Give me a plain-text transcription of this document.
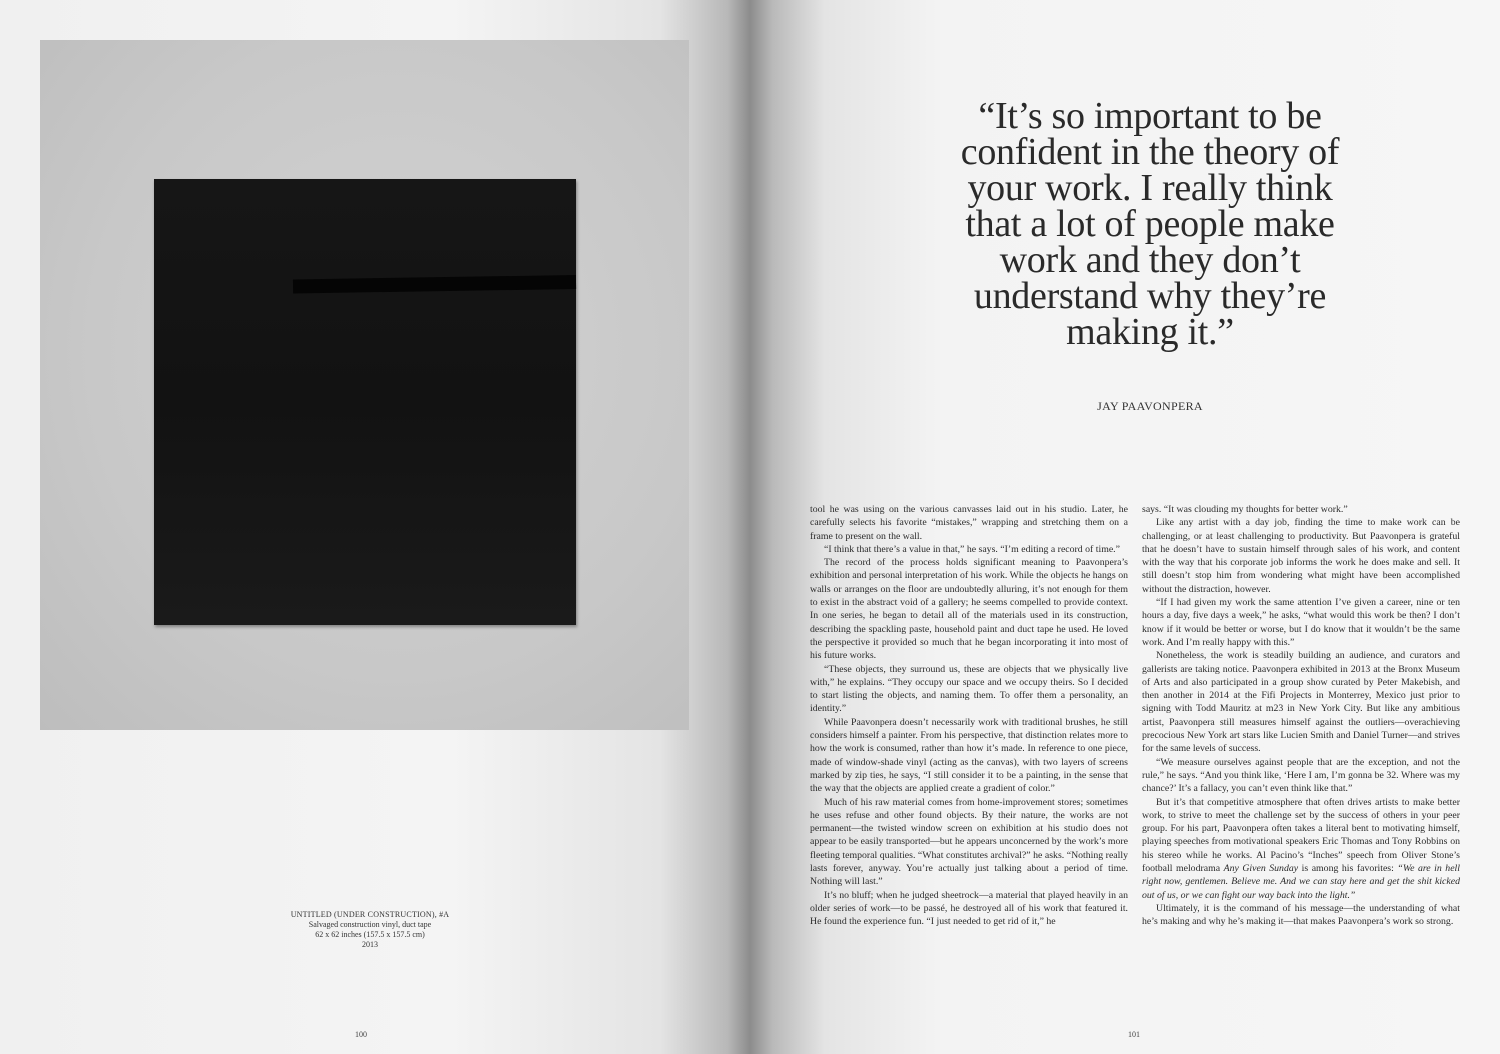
UNTITLED (UNDER CONSTRUCTION), #A
Salvaged construction vinyl, duct tape
62 x 62 inches (157.5 x 157.5 cm)
2013
100
“It’s so important to be confident in the theory of your work. I really think that a lot of people make work and they don’t understand why they’re making it.”
JAY PAAVONPERA

tool he was using on the various canvasses laid out in his studio. Later, he carefully selects his favorite “mistakes,” wrapping and stretching them on a frame to present on the wall.

“I think that there’s a value in that,” he says. “I’m editing a record of time.”

The record of the process holds significant meaning to Paavonpera’s exhibition and personal interpretation of his work. While the objects he hangs on walls or arranges on the floor are undoubtedly alluring, it’s not enough for them to exist in the abstract void of a gallery; he seems compelled to provide context. In one series, he began to detail all of the materials used in its construction, describing the spackling paste, household paint and duct tape he used. He loved the perspective it provided so much that he began incorporating it into most of his future works.

“These objects, they surround us, these are objects that we physically live with,” he explains. “They occupy our space and we occupy theirs. So I decided to start listing the objects, and naming them. To offer them a personality, an identity.”

While Paavonpera doesn’t necessarily work with traditional brushes, he still considers himself a painter. From his perspective, that distinction relates more to how the work is consumed, rather than how it’s made. In reference to one piece, made of window-shade vinyl (acting as the canvas), with two layers of screens marked by zip ties, he says, “I still consider it to be a painting, in the sense that the way that the objects are applied create a gradient of color.”

Much of his raw material comes from home-improvement stores; sometimes he uses refuse and other found objects. By their nature, the works are not permanent—the twisted window screen on exhibition at his studio does not appear to be easily transported—but he appears unconcerned by the work’s more fleeting temporal qualities. “What constitutes archival?” he asks. “Nothing really lasts forever, anyway. You’re actually just talking about a period of time. Nothing will last.”

It’s no bluff; when he judged sheetrock—a material that played heavily in an older series of work—to be passé, he destroyed all of his work that featured it. He found the experience fun. “I just needed to get rid of it,” he

says. “It was clouding my thoughts for better work.”

Like any artist with a day job, finding the time to make work can be challenging, or at least challenging to productivity. But Paavonpera is grateful that he doesn’t have to sustain himself through sales of his work, and content with the way that his corporate job informs the work he does make and sell. It still doesn’t stop him from wondering what might have been accomplished without the distraction, however.

“If I had given my work the same attention I’ve given a career, nine or ten hours a day, five days a week,” he asks, “what would this work be then? I don’t know if it would be better or worse, but I do know that it wouldn’t be the same work. And I’m really happy with this.”

Nonetheless, the work is steadily building an audience, and curators and gallerists are taking notice. Paavonpera exhibited in 2013 at the Bronx Museum of Arts and also participated in a group show curated by Peter Makebish, and then another in 2014 at the Fifi Projects in Monterrey, Mexico just prior to signing with Todd Mauritz at m23 in New York City. But like any ambitious artist, Paavonpera still measures himself against the outliers—overachieving precocious New York art stars like Lucien Smith and Daniel Turner—and strives for the same levels of success.

“We measure ourselves against people that are the exception, and not the rule,” he says. “And you think like, ‘Here I am, I’m gonna be 32. Where was my chance?’ It’s a fallacy, you can’t even think like that.”

But it’s that competitive atmosphere that often drives artists to make better work, to strive to meet the challenge set by the success of others in your peer group. For his part, Paavonpera often takes a literal bent to motivating himself, playing speeches from motivational speakers Eric Thomas and Tony Robbins on his stereo while he works. Al Pacino’s “Inches” speech from Oliver Stone’s football melodrama Any Given Sunday is among his favorites: “We are in hell right now, gentlemen. Believe me. And we can stay here and get the shit kicked out of us, or we can fight our way back into the light.”

Ultimately, it is the command of his message—the understanding of what he’s making and why he’s making it—that makes Paavonpera’s work so strong.

101
